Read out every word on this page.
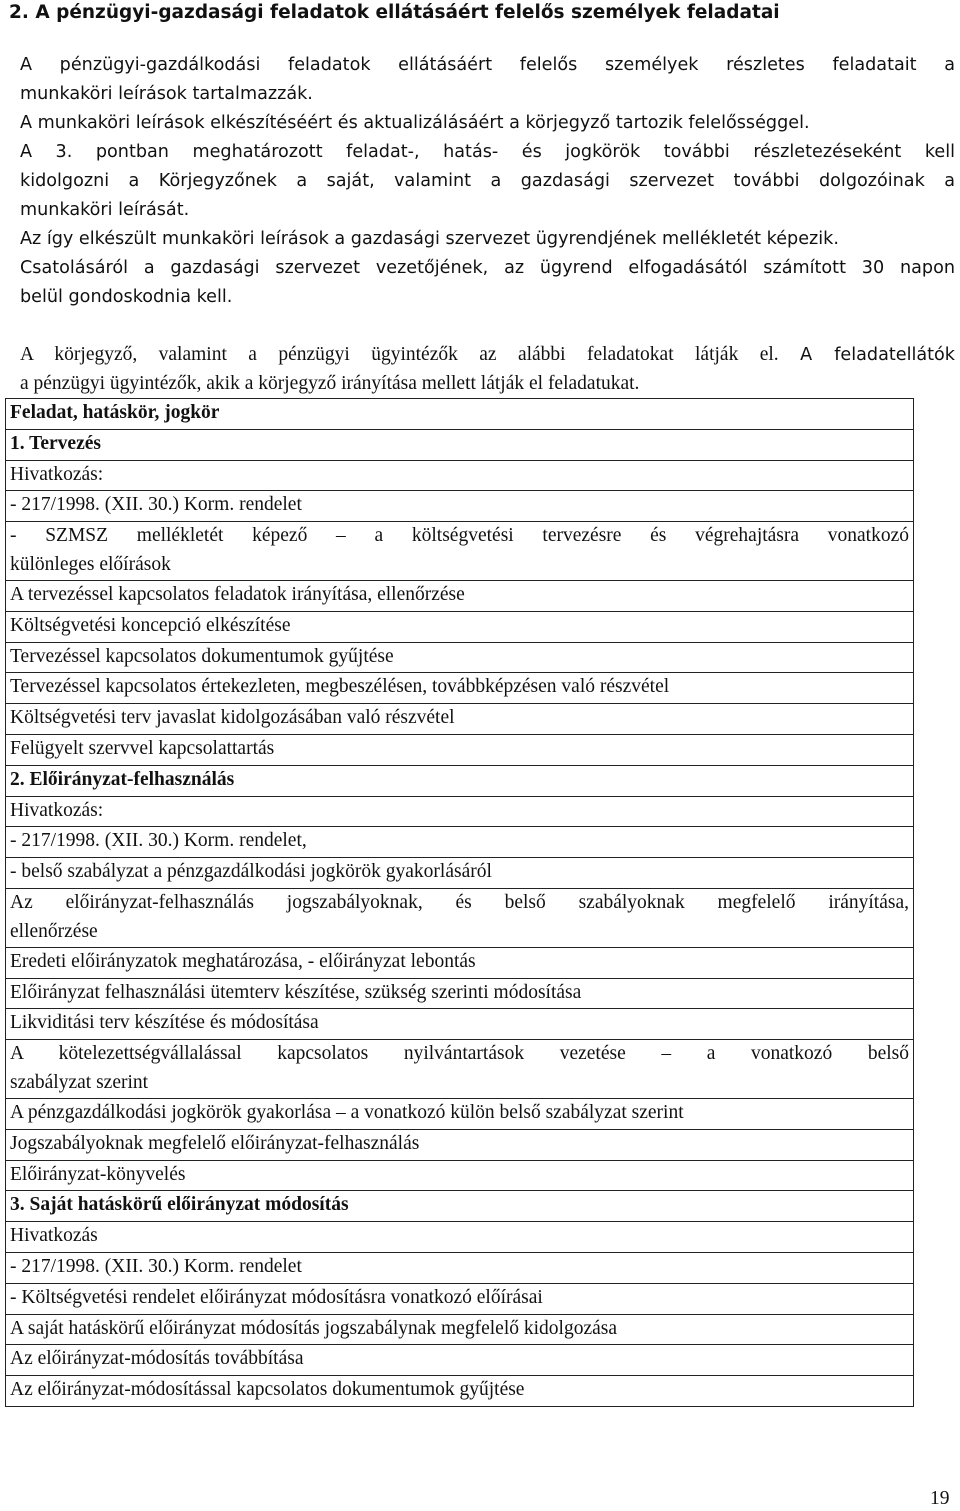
2. A pénzügyi-gazdasági feladatok ellátásáért felelős személyek feladatai
A pénzügyi-gazdálkodási feladatok ellátásáért felelős személyek részletes feladatait a
munkaköri leírások tartalmazzák.
A munkaköri leírások elkészítéséért és aktualizálásáért a körjegyző tartozik felelősséggel.
A 3. pontban meghatározott feladat-, hatás- és jogkörök további részletezéseként kell
kidolgozni a Körjegyzőnek a saját, valamint a gazdasági szervezet további dolgozóinak a
munkaköri leírását.
Az így elkészült munkaköri leírások a gazdasági szervezet ügyrendjének mellékletét képezik.
Csatolásáról a gazdasági szervezet vezetőjének, az ügyrend elfogadásától számított 30 napon
belül gondoskodnia kell.
A körjegyző, valamint a pénzügyi ügyintézők az alábbi feladatokat látják el. A feladatellátók
a pénzügyi ügyintézők, akik a körjegyző irányítása mellett látják el feladatukat.
Feladat, hatáskör, jogkör

1. Tervezés

Hivatkozás:

- 217/1998. (XII. 30.) Korm. rendelet

- SZMSZ mellékletét képező – a költségvetési tervezésre és végrehajtásra vonatkozó
különleges előírások

A tervezéssel kapcsolatos feladatok irányítása, ellenőrzése

Költségvetési koncepció elkészítése

Tervezéssel kapcsolatos dokumentumok gyűjtése

Tervezéssel kapcsolatos értekezleten, megbeszélésen, továbbképzésen való részvétel

Költségvetési terv javaslat kidolgozásában való részvétel

Felügyelt szervvel kapcsolattartás

2. Előirányzat-felhasználás

Hivatkozás:

- 217/1998. (XII. 30.) Korm. rendelet,

- belső szabályzat a pénzgazdálkodási jogkörök gyakorlásáról

Az előirányzat-felhasználás jogszabályoknak, és belső szabályoknak megfelelő irányítása,
ellenőrzése

Eredeti előirányzatok meghatározása, - előirányzat lebontás

Előirányzat felhasználási ütemterv készítése, szükség szerinti módosítása

Likviditási terv készítése és módosítása

A kötelezettségvállalással kapcsolatos nyilvántartások vezetése – a vonatkozó belső
szabályzat szerint

A pénzgazdálkodási jogkörök gyakorlása – a vonatkozó külön belső szabályzat szerint

Jogszabályoknak megfelelő előirányzat-felhasználás

Előirányzat-könyvelés

3. Saját hatáskörű előirányzat módosítás

Hivatkozás

- 217/1998. (XII. 30.) Korm. rendelet

- Költségvetési rendelet előirányzat módosításra vonatkozó előírásai

A saját hatáskörű előirányzat módosítás jogszabálynak megfelelő kidolgozása

Az előirányzat-módosítás továbbítása

Az előirányzat-módosítással kapcsolatos dokumentumok gyűjtése
19
